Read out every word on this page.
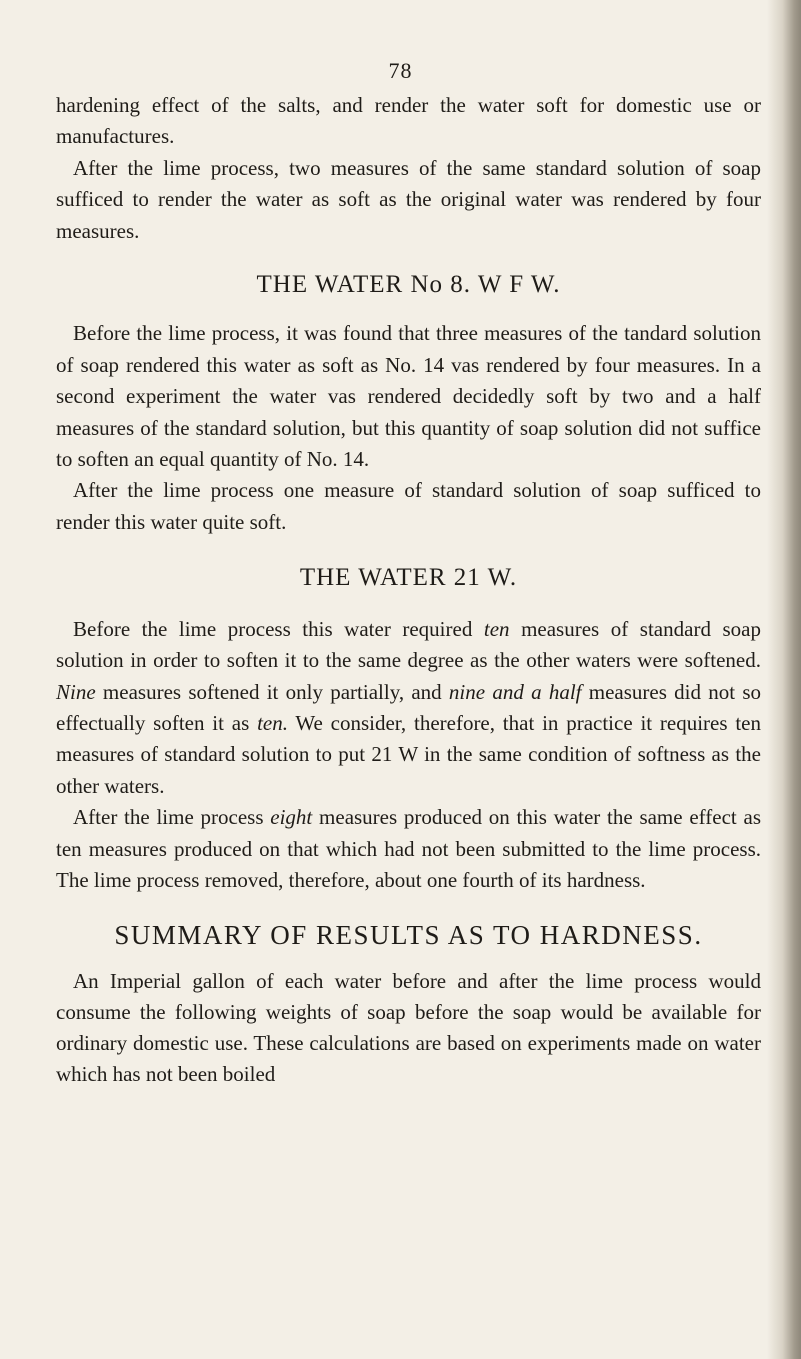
78

hardening effect of the salts, and render the water soft for domestic use or manufactures.

After the lime process, two measures of the same standard solution of soap sufficed to render the water as soft as the original water was rendered by four measures.

THE WATER No 8. W F W.

Before the lime process, it was found that three measures of the tandard solution of soap rendered this water as soft as No. 14 vas rendered by four measures. In a second experiment the water vas rendered decidedly soft by two and a half measures of the standard solution, but this quantity of soap solution did not suffice to soften an equal quantity of No. 14.

After the lime process one measure of standard solution of soap sufficed to render this water quite soft.

THE WATER 21 W.

Before the lime process this water required ten measures of standard soap solution in order to soften it to the same degree as the other waters were softened. Nine measures softened it only partially, and nine and a half measures did not so effectually soften it as ten. We consider, therefore, that in practice it requires ten measures of standard solution to put 21 W in the same condition of softness as the other waters.

After the lime process eight measures produced on this water the same effect as ten measures produced on that which had not been submitted to the lime process. The lime process removed, therefore, about one fourth of its hardness.

SUMMARY OF RESULTS AS TO HARDNESS.

An Imperial gallon of each water before and after the lime process would consume the following weights of soap before the soap would be available for ordinary domestic use. These calculations are based on experiments made on water which has not been boiled
